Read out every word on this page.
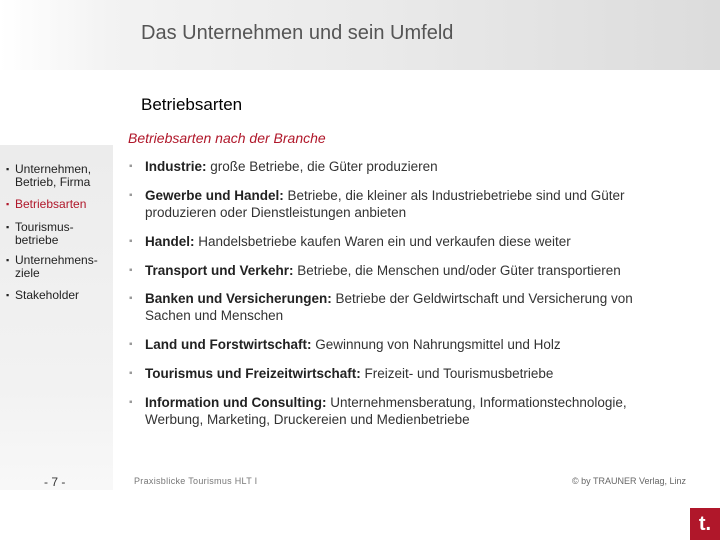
Das Unternehmen und sein Umfeld
▪ Unternehmen, Betrieb, Firma
▪ Betriebsarten
▪ Tourismus-betriebe
▪ Unternehmens-ziele
▪ Stakeholder
Betriebsarten
Betriebsarten nach der Branche
▪ Industrie: große Betriebe, die Güter produzieren
▪ Gewerbe und Handel: Betriebe, die kleiner als Industriebetriebe sind und Güter produzieren oder Dienstleistungen anbieten
▪ Handel: Handelsbetriebe kaufen Waren ein und verkaufen diese weiter
▪ Transport und Verkehr: Betriebe, die Menschen und/oder Güter transportieren
▪ Banken und Versicherungen: Betriebe der Geldwirtschaft und Versicherung von Sachen und Menschen
▪ Land und Forstwirtschaft: Gewinnung von Nahrungsmittel und Holz
▪ Tourismus und Freizeitwirtschaft: Freizeit- und Tourismusbetriebe
▪ Information und Consulting: Unternehmensberatung, Informationstechnologie, Werbung, Marketing, Druckereien und Medienbetriebe
- 7 -	Praxisblicke Tourismus HLT I	© by TRAUNER Verlag, Linz
t.
